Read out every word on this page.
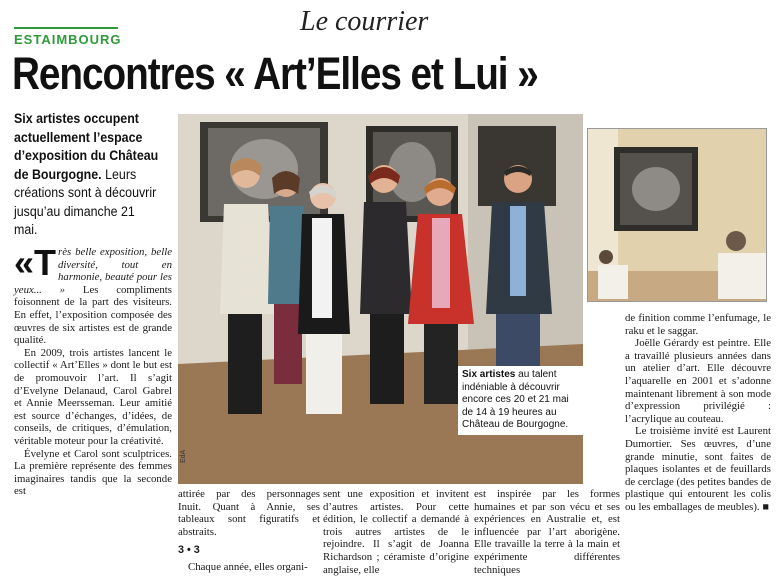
ESTAIMBOURG
Le courrier
Rencontres « Art’Elles et Lui »
Six artistes occupent actuellement l’espace d’exposition du Château de Bourgogne. Leurs créations sont à découvrir jusqu’au dimanche 21 mai.
EdA
Six artistes au talent indéniable à découvrir encore ces 20 et 21 mai de 14 à 19 heures au Château de Bourgogne.

«T rès belle exposition, belle diversité, tout en harmonie, beauté pour les yeux... » Les compliments foisonnent de la part des visiteurs. En effet, l’exposition composée des œuvres de six artistes est de grande qualité.

En 2009, trois artistes lancent le collectif « Art’Elles » dont le but est de promouvoir l’art. Il s’agit d’Evelyne Delanaud, Carol Gabrel et Annie Meersseman. Leur amitié est source d’échanges, d’idées, de conseils, de critiques, d’émulation, véritable moteur pour la créativité.

Évelyne et Carol sont sculptrices. La première représente des femmes imaginaires tandis que la seconde est	attirée par des personnages Inuit. Quant à Annie, ses tableaux sont figuratifs et abstraits.

3 • 3

Chaque année, elles organi-

sent une exposition et invitent d’autres artistes. Pour cette édition, le collectif a demandé à trois autres artistes de le rejoindre. Il s’agit de Joanna Richardson ; céramiste d’origine anglaise, elle

est inspirée par les formes humaines et par son vécu et ses expériences en Australie et, est influencée par l’art aborigène. Elle travaille la terre à la main et expérimente différentes techniques

de finition comme l’enfumage, le raku et le saggar.

Joëlle Gérardy est peintre. Elle a travaillé plusieurs années dans un atelier d’art. Elle découvre l’aquarelle en 2001 et s’adonne maintenant librement à son mode d’expression privilégié : l’acrylique au couteau.

Le troisième invité est Laurent Dumortier. Ses œuvres, d’une grande minutie, sont faites de plaques isolantes et de feuillards de cerclage (des petites bandes de plastique qui entourent les colis ou les emballages de meubles). ■
